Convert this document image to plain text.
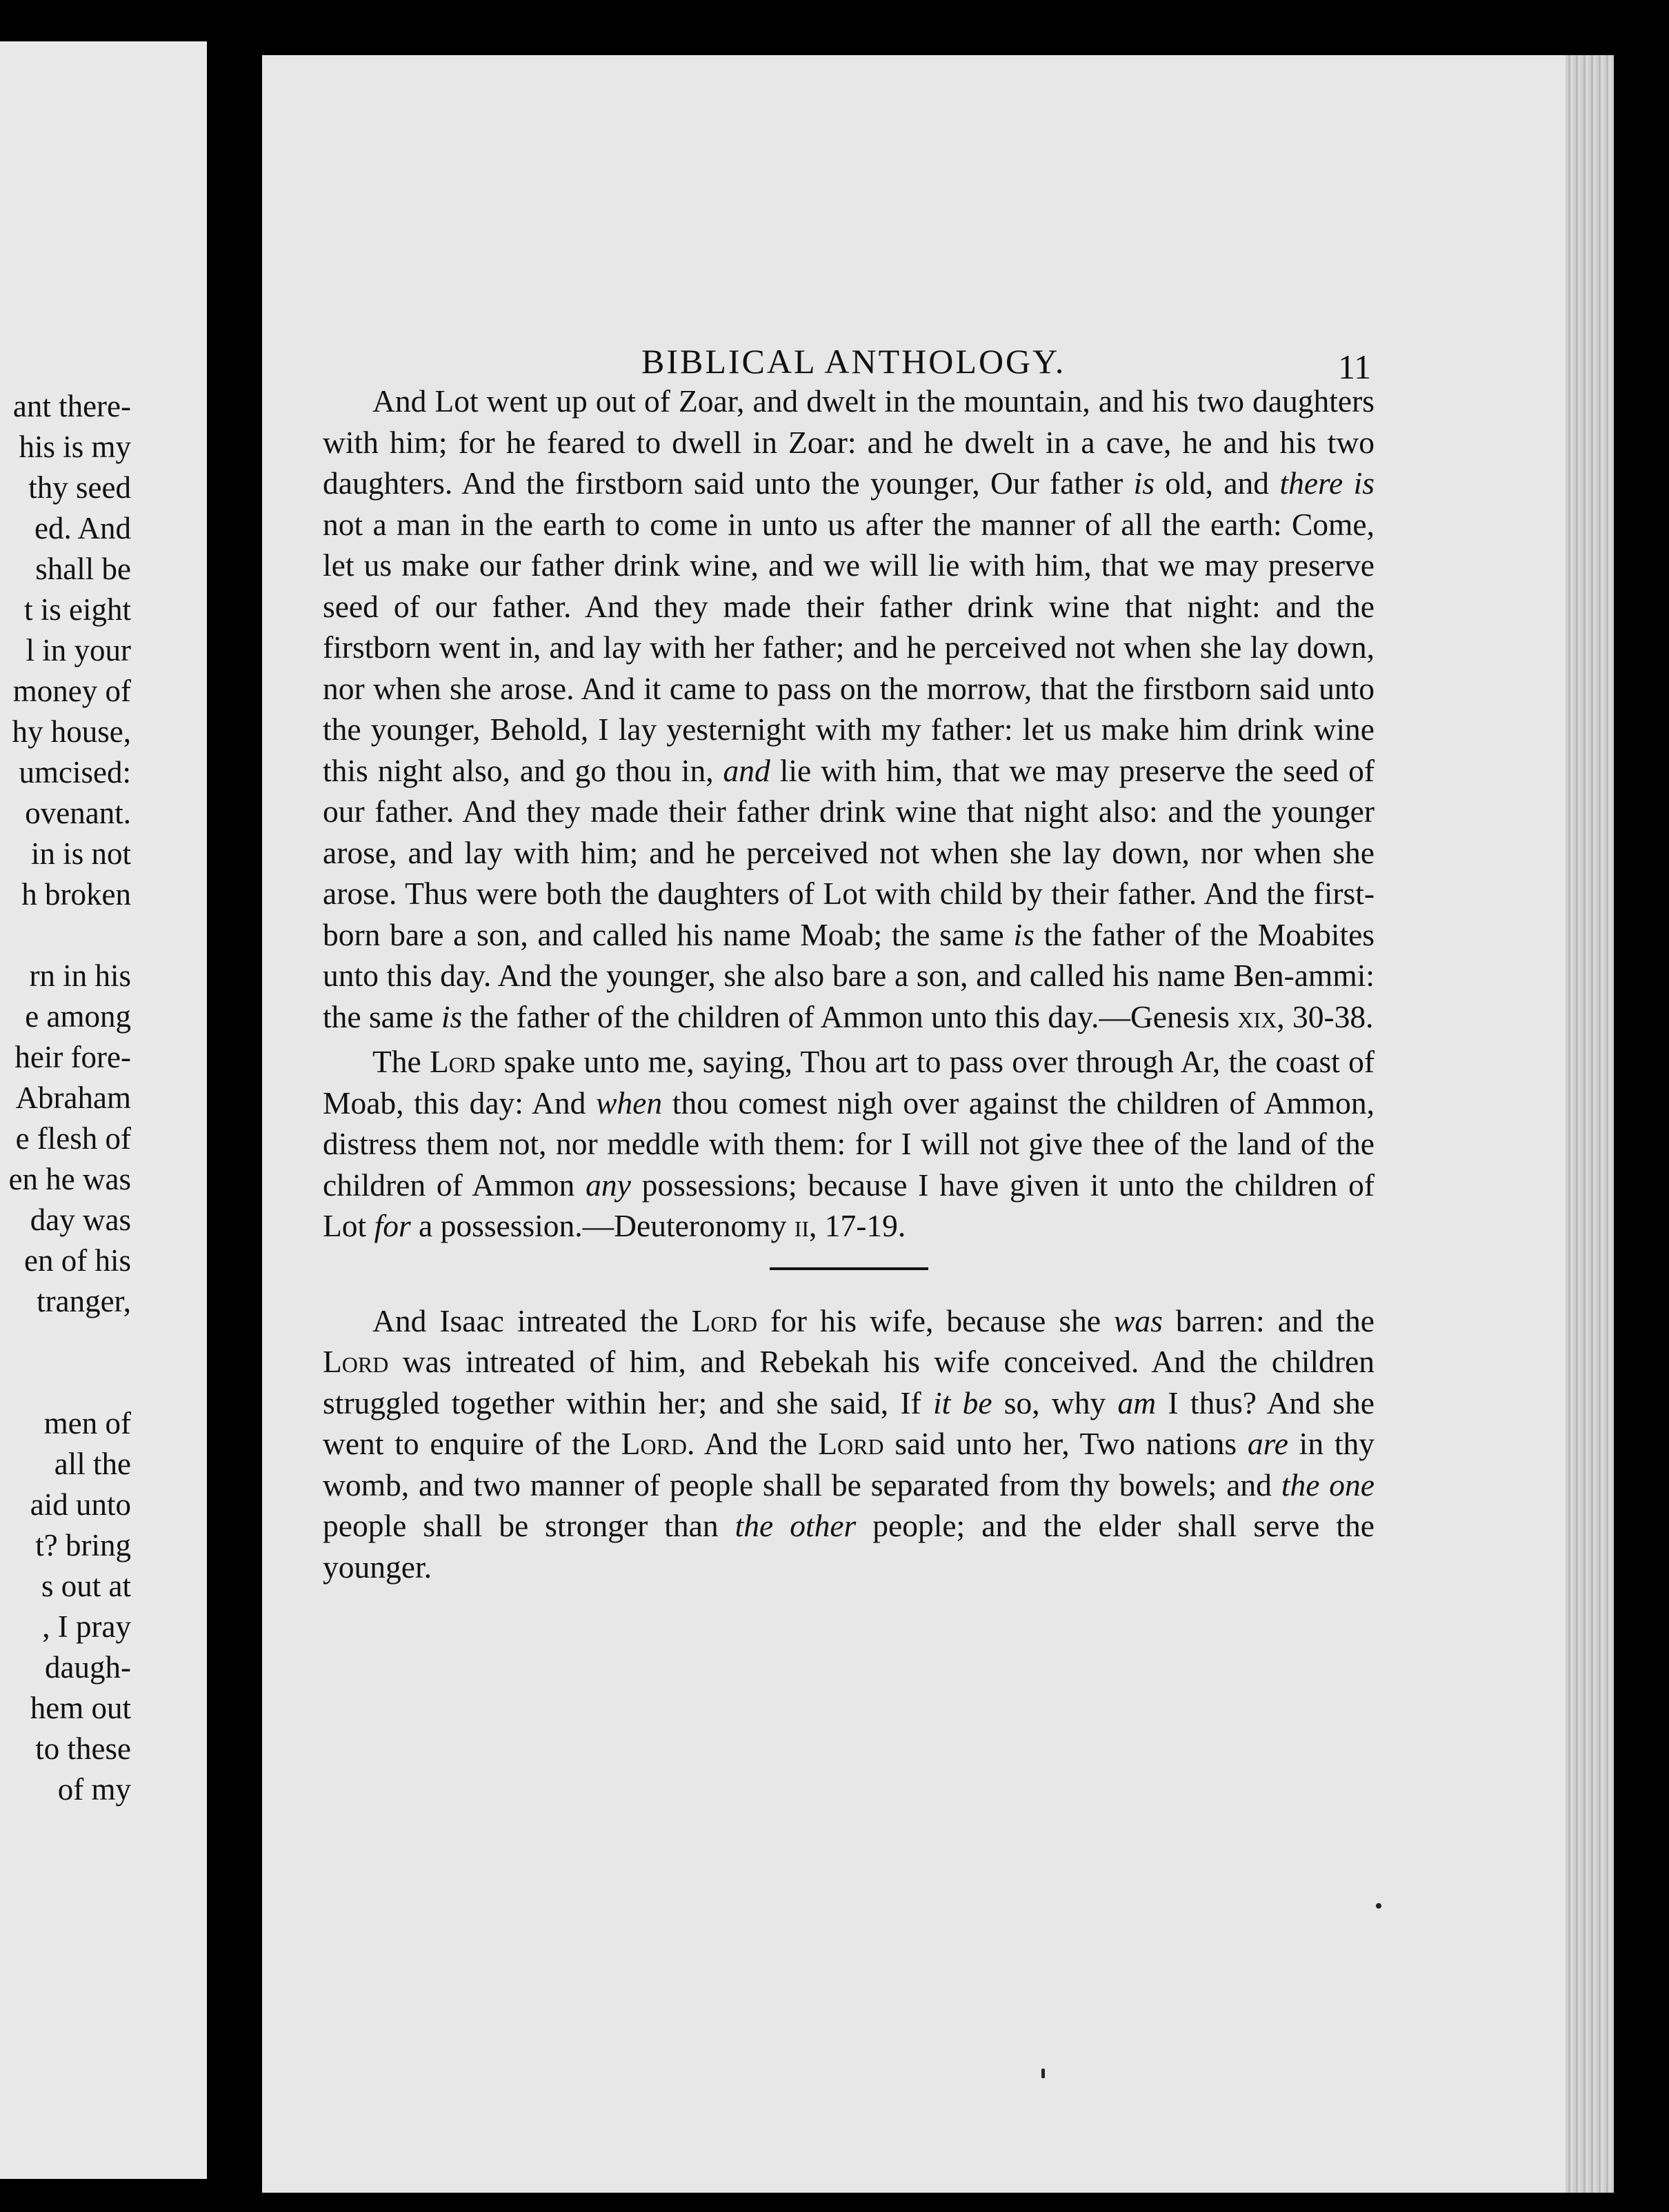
ant there-
his is my
thy seed
ed. And
shall be
t is eight
l in your
money of
hy house,
umcised:
ovenant.
in is not
h broken
rn in his
e among
heir fore-
Abraham
e flesh of
en he was
day was
en of his
tranger,
men of
all the
aid unto
t? bring
s out at
, I pray
daugh-
hem out
to these
of my
BIBLICAL ANTHOLOGY.	11

And Lot went up out of Zoar, and dwelt in the mountain, and his two daughters with him; for he feared to dwell in Zoar: and he dwelt in a cave, he and his two daughters. And the firstborn said unto the younger, Our father is old, and there is not a man in the earth to come in unto us after the manner of all the earth: Come, let us make our father drink wine, and we will lie with him, that we may preserve seed of our father. And they made their father drink wine that night: and the firstborn went in, and lay with her father; and he perceived not when she lay down, nor when she arose. And it came to pass on the morrow, that the firstborn said unto the younger, Behold, I lay yesternight with my father: let us make him drink wine this night also, and go thou in, and lie with him, that we may preserve the seed of our father. And they made their father drink wine that night also: and the younger arose, and lay with him; and he perceived not when she lay down, nor when she arose. Thus were both the daughters of Lot with child by their father. And the first-born bare a son, and called his name Moab; the same is the father of the Moabites unto this day. And the younger, she also bare a son, and called his name Ben-ammi: the same is the father of the children of Ammon unto this day.—Genesis xix, 30-38.

The Lord spake unto me, saying, Thou art to pass over through Ar, the coast of Moab, this day: And when thou comest nigh over against the children of Ammon, distress them not, nor meddle with them: for I will not give thee of the land of the children of Ammon any possessions; because I have given it unto the children of Lot for a possession.—Deuteronomy ii, 17-19.

And Isaac intreated the Lord for his wife, because she was barren: and the Lord was intreated of him, and Rebekah his wife conceived. And the children struggled together within her; and she said, If it be so, why am I thus? And she went to enquire of the Lord. And the Lord said unto her, Two nations are in thy womb, and two manner of people shall be separated from thy bowels; and the one people shall be stronger than the other people; and the elder shall serve the younger.
